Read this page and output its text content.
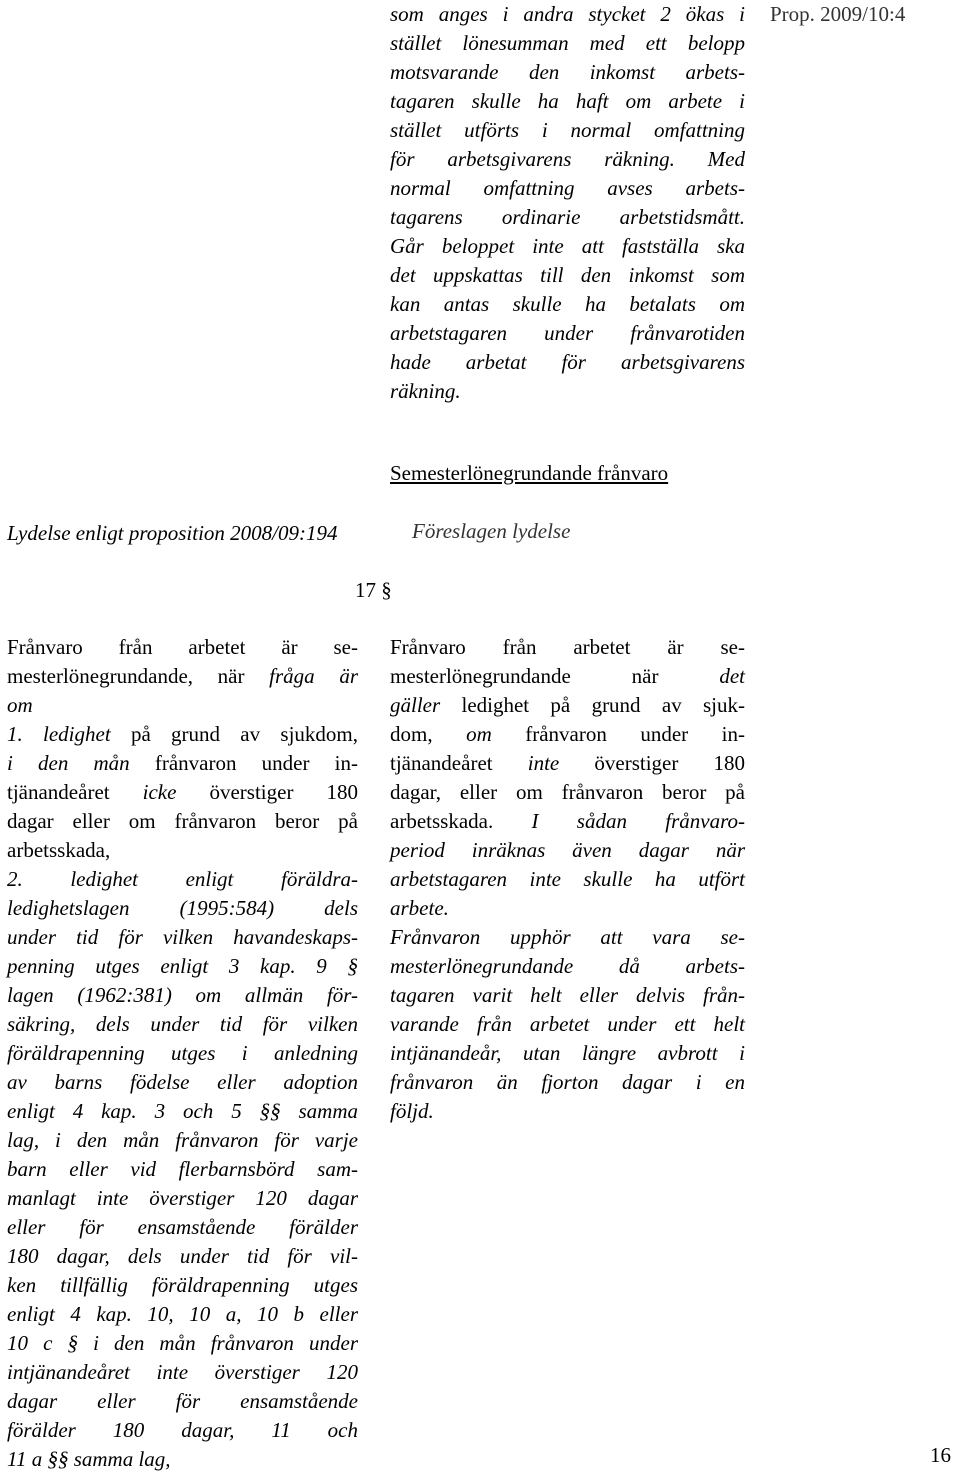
Prop. 2009/10:4
som anges i andra stycket 2 ökas i
stället lönesumman med ett belopp
motsvarande den inkomst arbets-
tagaren skulle ha haft om arbete i
stället utförts i normal omfattning
för arbetsgivarens räkning. Med
normal omfattning avses arbets-
tagarens ordinarie arbetstidsmått.
Går beloppet inte att fastställa ska
det uppskattas till den inkomst som
kan antas skulle ha betalats om
arbetstagaren under frånvarotiden
hade arbetat för arbetsgivarens
räkning.
Semesterlönegrundande frånvaro
Lydelse enligt proposition 2008/09:194	Föreslagen lydelse
17 §
Frånvaro från arbetet är se-
mesterlönegrundande, när fråga är
om
1. ledighet på grund av sjukdom,
i den mån frånvaron under in-
tjänandeåret icke överstiger 180
dagar eller om frånvaron beror på
arbetsskada,
2. ledighet enligt föräldra-
ledighetslagen (1995:584) dels
under tid för vilken havandeskaps-
penning utges enligt 3 kap. 9 §
lagen (1962:381) om allmän för-
säkring, dels under tid för vilken
föräldrapenning utges i anledning
av barns födelse eller adoption
enligt 4 kap. 3 och 5 §§ samma
lag, i den mån frånvaron för varje
barn eller vid flerbarnsbörd sam-
manlagt inte överstiger 120 dagar
eller för ensamstående förälder
180 dagar, dels under tid för vil-
ken tillfällig föräldrapenning utges
enligt 4 kap. 10, 10 a, 10 b eller
10 c § i den mån frånvaron under
intjänandeåret inte överstiger 120
dagar eller för ensamstående
förälder 180 dagar, 11 och
11 a §§ samma lag,
Frånvaro från arbetet är se-
mesterlönegrundande när det
gäller ledighet på grund av sjuk-
dom, om frånvaron under in-
tjänandeåret inte överstiger 180
dagar, eller om frånvaron beror på
arbetsskada. I sådan frånvaro-
period inräknas även dagar när
arbetstagaren inte skulle ha utfört
arbete.
Frånvaron upphör att vara se-
mesterlönegrundande då arbets-
tagaren varit helt eller delvis från-
varande från arbetet under ett helt
intjänandeår, utan längre avbrott i
frånvaron än fjorton dagar i en
följd.
16
